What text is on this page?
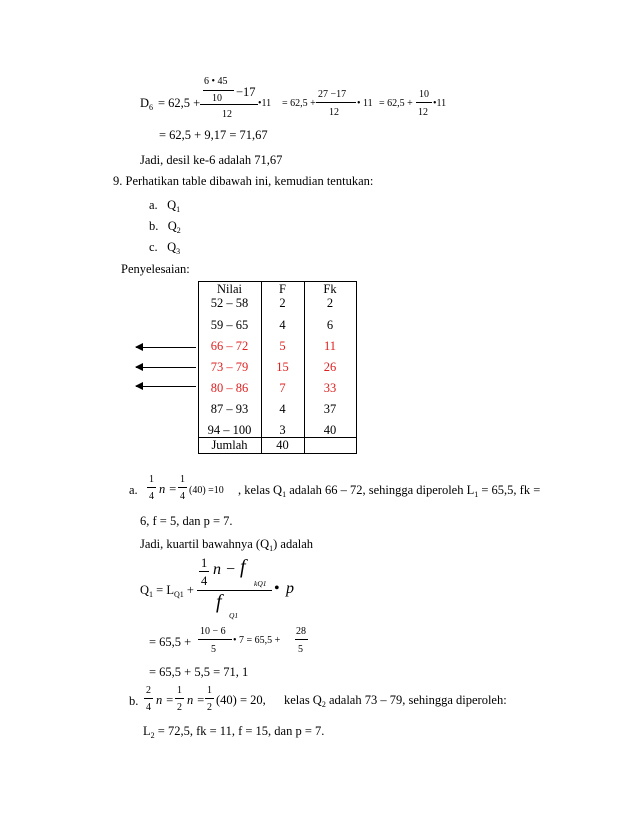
$D_6 = 62,5$ +
6 • 45
10 −17
12
•11 = 62,5 +
27 −17
12
• 11 = 62,5 +
10
12
•11
= 62,5 + 9,17 = 71,67
Jadi, desil ke-6 adalah 71,67
9. Perhatikan table dibawah ini, kemudian tentukan:
a. $Q_1$
b. $Q_2$
c. $Q_3$
Penyelesaian:
Nilai	F	Fk
52 – 58	2	2
59 – 65	4	6
66 – 72	5	11
73 – 79	15	26
80 – 86	7	33
87 – 93	4	37
94 – 100	3	40
Jumlah	40
a.
1
4
n =
1
4
(40) =10 , kelas $Q_1$ adalah 66 – 72, sehingga diperoleh $L_1 = 65,5$, fk =
6, f = 5, dan p = 7.
Jadi, kuartil bawahnya $(Q_1)$ adalah
$Q_1 = L_{Q1}$ +
1
4
n − f
kQ1
f
Q1
• p
= 65,5 +
10 − 6
5
• 7 = 65,5 +
28
5
= 65,5 + 5,5 = 71, 1
b.
2
4
n =
1
2
n =
1
2
(40) = 20, kelas $Q_2$ adalah 73 – 79, sehingga diperoleh:
$L_2 = 72,5$, fk = 11, f = 15, dan p = 7.
